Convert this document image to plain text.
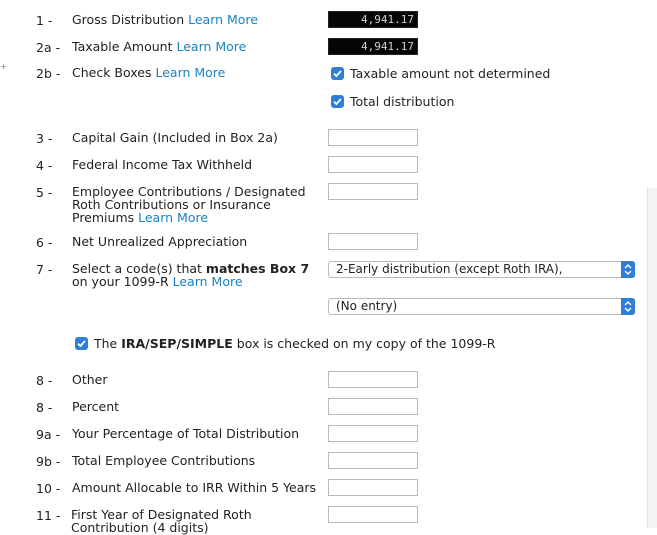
+
1 - Gross Distribution Learn More	4,941.17
2a - Taxable Amount Learn More	4,941.17
2b - Check Boxes Learn More	Taxable amount not determined
Total distribution
3 - Capital Gain (Included in Box 2a)
4 - Federal Income Tax Withheld
5 - Employee Contributions / Designated Roth Contributions or Insurance Premiums Learn More
6 - Net Unrealized Appreciation
7 - Select a code(s) that matches Box 7
on your 1099-R Learn More
2-Early distribution (except Roth IRA),
(No entry)
The IRA/SEP/SIMPLE box is checked on my copy of the 1099-R
8 - Other
8 - Percent
9a - Your Percentage of Total Distribution
9b - Total Employee Contributions
10 - Amount Allocable to IRR Within 5 Years
11 - First Year of Designated Roth Contribution (4 digits)
